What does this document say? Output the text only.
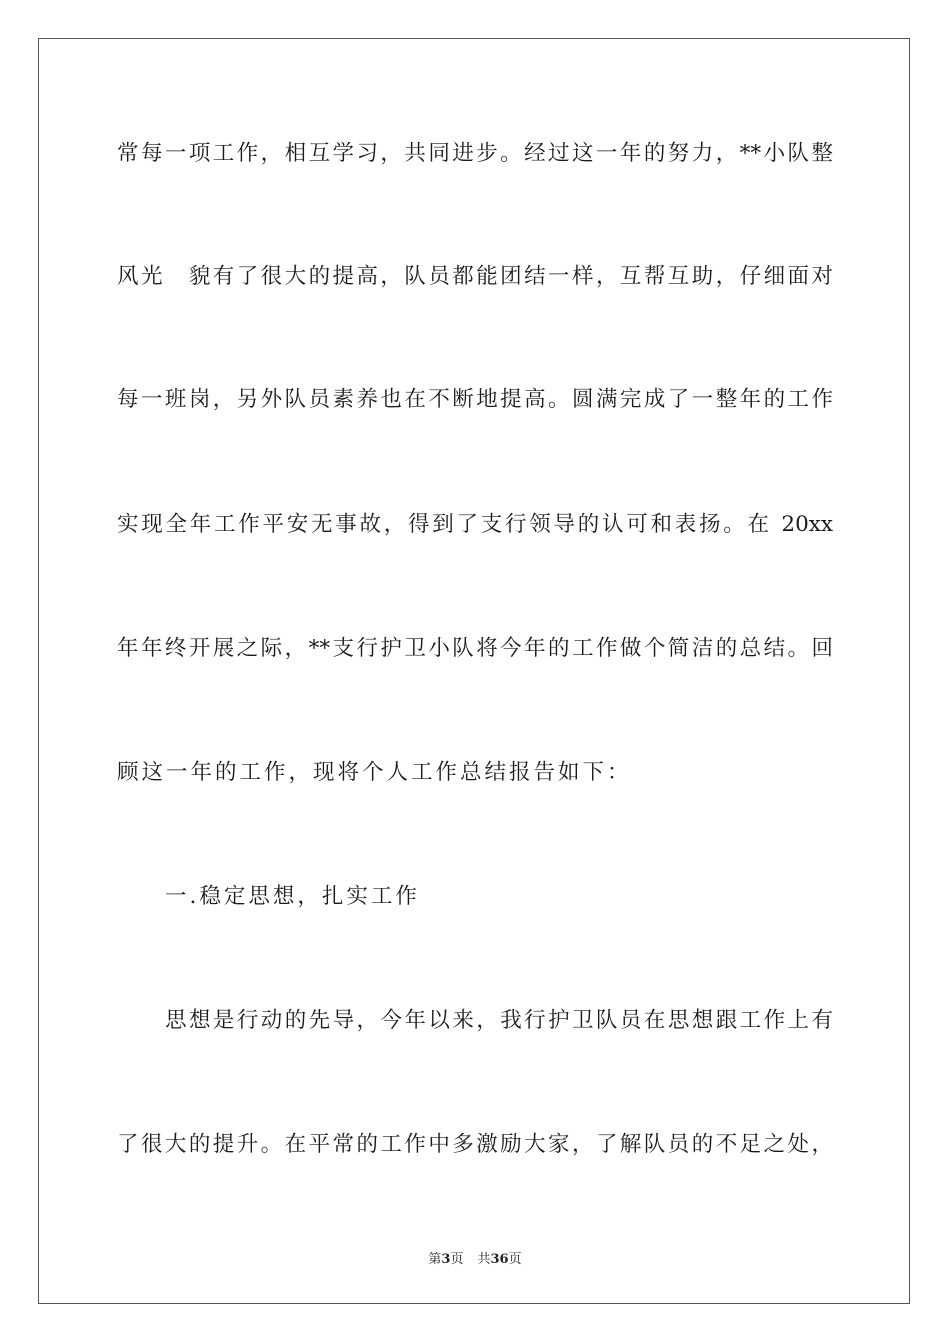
常每一项工作，相互学习，共同进步。经过这一年的努力，**小队整
风光　貌有了很大的提高，队员都能团结一样，互帮互助，仔细面对
每一班岗，另外队员素养也在不断地提高。圆满完成了一整年的工作
实现全年工作平安无事故，得到了支行领导的认可和表扬。在 20xx
年年终开展之际，**支行护卫小队将今年的工作做个简洁的总结。回
顾这一年的工作，现将个人工作总结报告如下：
一.稳定思想，扎实工作
思想是行动的先导，今年以来，我行护卫队员在思想跟工作上有
了很大的提升。在平常的工作中多激励大家，了解队员的不足之处，
第3页 共36页
